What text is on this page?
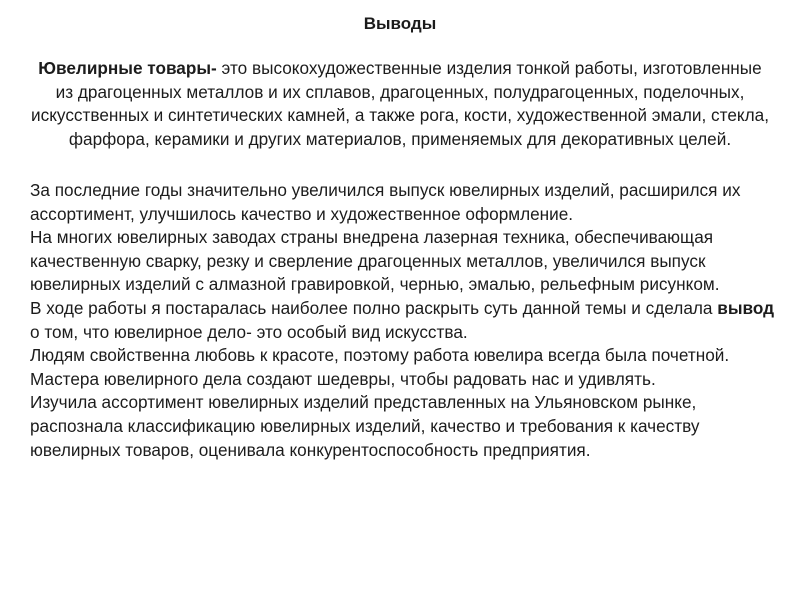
Выводы
Ювелирные товары- это высокохудожественные изделия тонкой работы, изготовленные из драгоценных металлов и их сплавов, драгоценных, полудрагоценных, поделочных, искусственных и синтетических камней, а также рога, кости, художественной эмали, стекла, фарфора, керамики и других материалов, применяемых для декоративных целей.

За последние годы значительно увеличился выпуск ювелирных изделий, расширился их ассортимент, улучшилось качество и художественное оформление.

На многих ювелирных заводах страны внедрена лазерная техника, обеспечивающая качественную сварку, резку и сверление драгоценных металлов, увеличился выпуск ювелирных изделий с алмазной гравировкой, чернью, эмалью, рельефным рисунком.

В ходе работы я постаралась наиболее полно раскрыть суть данной темы и сделала вывод о том, что ювелирное дело- это особый вид искусства.

Людям свойственна любовь к красоте, поэтому работа ювелира всегда была почетной. Мастера ювелирного дела создают шедевры, чтобы радовать нас и удивлять.

Изучила ассортимент ювелирных изделий представленных на Ульяновском рынке, распознала классификацию ювелирных изделий, качество и требования к качеству ювелирных товаров, оценивала конкурентоспособность предприятия.
